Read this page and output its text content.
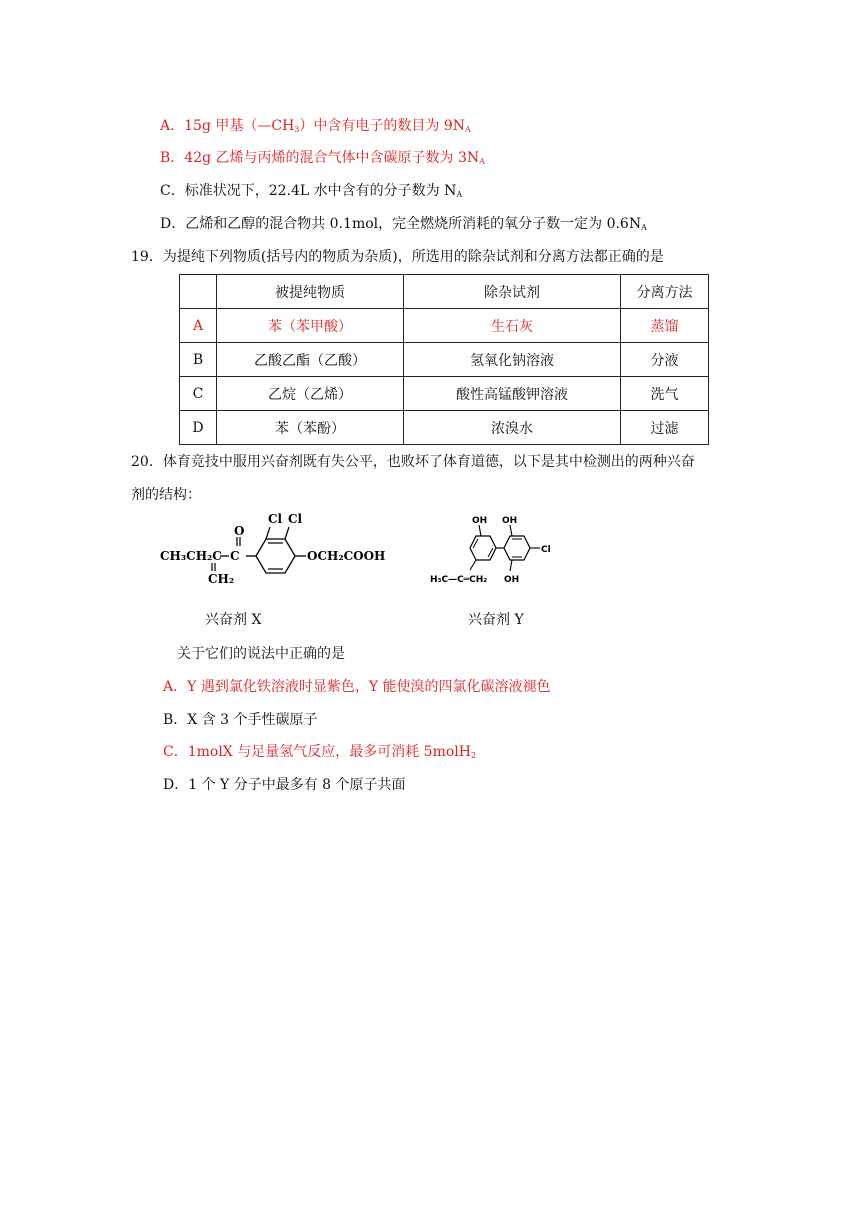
A．15g 甲基$(—CH_3)$中含有电子的数目为 $9N_A$
B．42g 乙烯与丙烯的混合气体中含碳原子数为 $3N_A$
C．标准状况下，22.4L 水中含有的分子数为 $N_A$
D．乙烯和乙醇的混合物共 0.1mol，完全燃烧所消耗的氧分子数一定为 $0.6N_A$
19．为提纯下列物质(括号内的物质为杂质)，所选用的除杂试剂和分离方法都正确的是
	被提纯物质	除杂试剂	分离方法
A	苯（苯甲酸）	生石灰	蒸馏
B	乙酸乙酯（乙酸）	氢氧化钠溶液	分液
C	乙烷（乙烯）	酸性高锰酸钾溶液	洗气
D	苯（苯酚）	浓溴水	过滤
20．体育竞技中服用兴奋剂既有失公平，也败坏了体育道德，以下是其中检测出的两种兴奋
剂的结构：
CH₃CH₂C C
O
CH₂
Cl Cl
OCH₂COOH
兴奋剂 X
OH OH
Cl
OH
H₃C—C═CH₂
兴奋剂 Y
关于它们的说法中正确的是
A．Y 遇到氯化铁溶液时显紫色，Y 能使溴的四氯化碳溶液褪色
B．X 含 3 个手性碳原子
C．1molX 与足量氢气反应，最多可消耗 5molH$_2$
D．1 个 Y 分子中最多有 8 个原子共面
